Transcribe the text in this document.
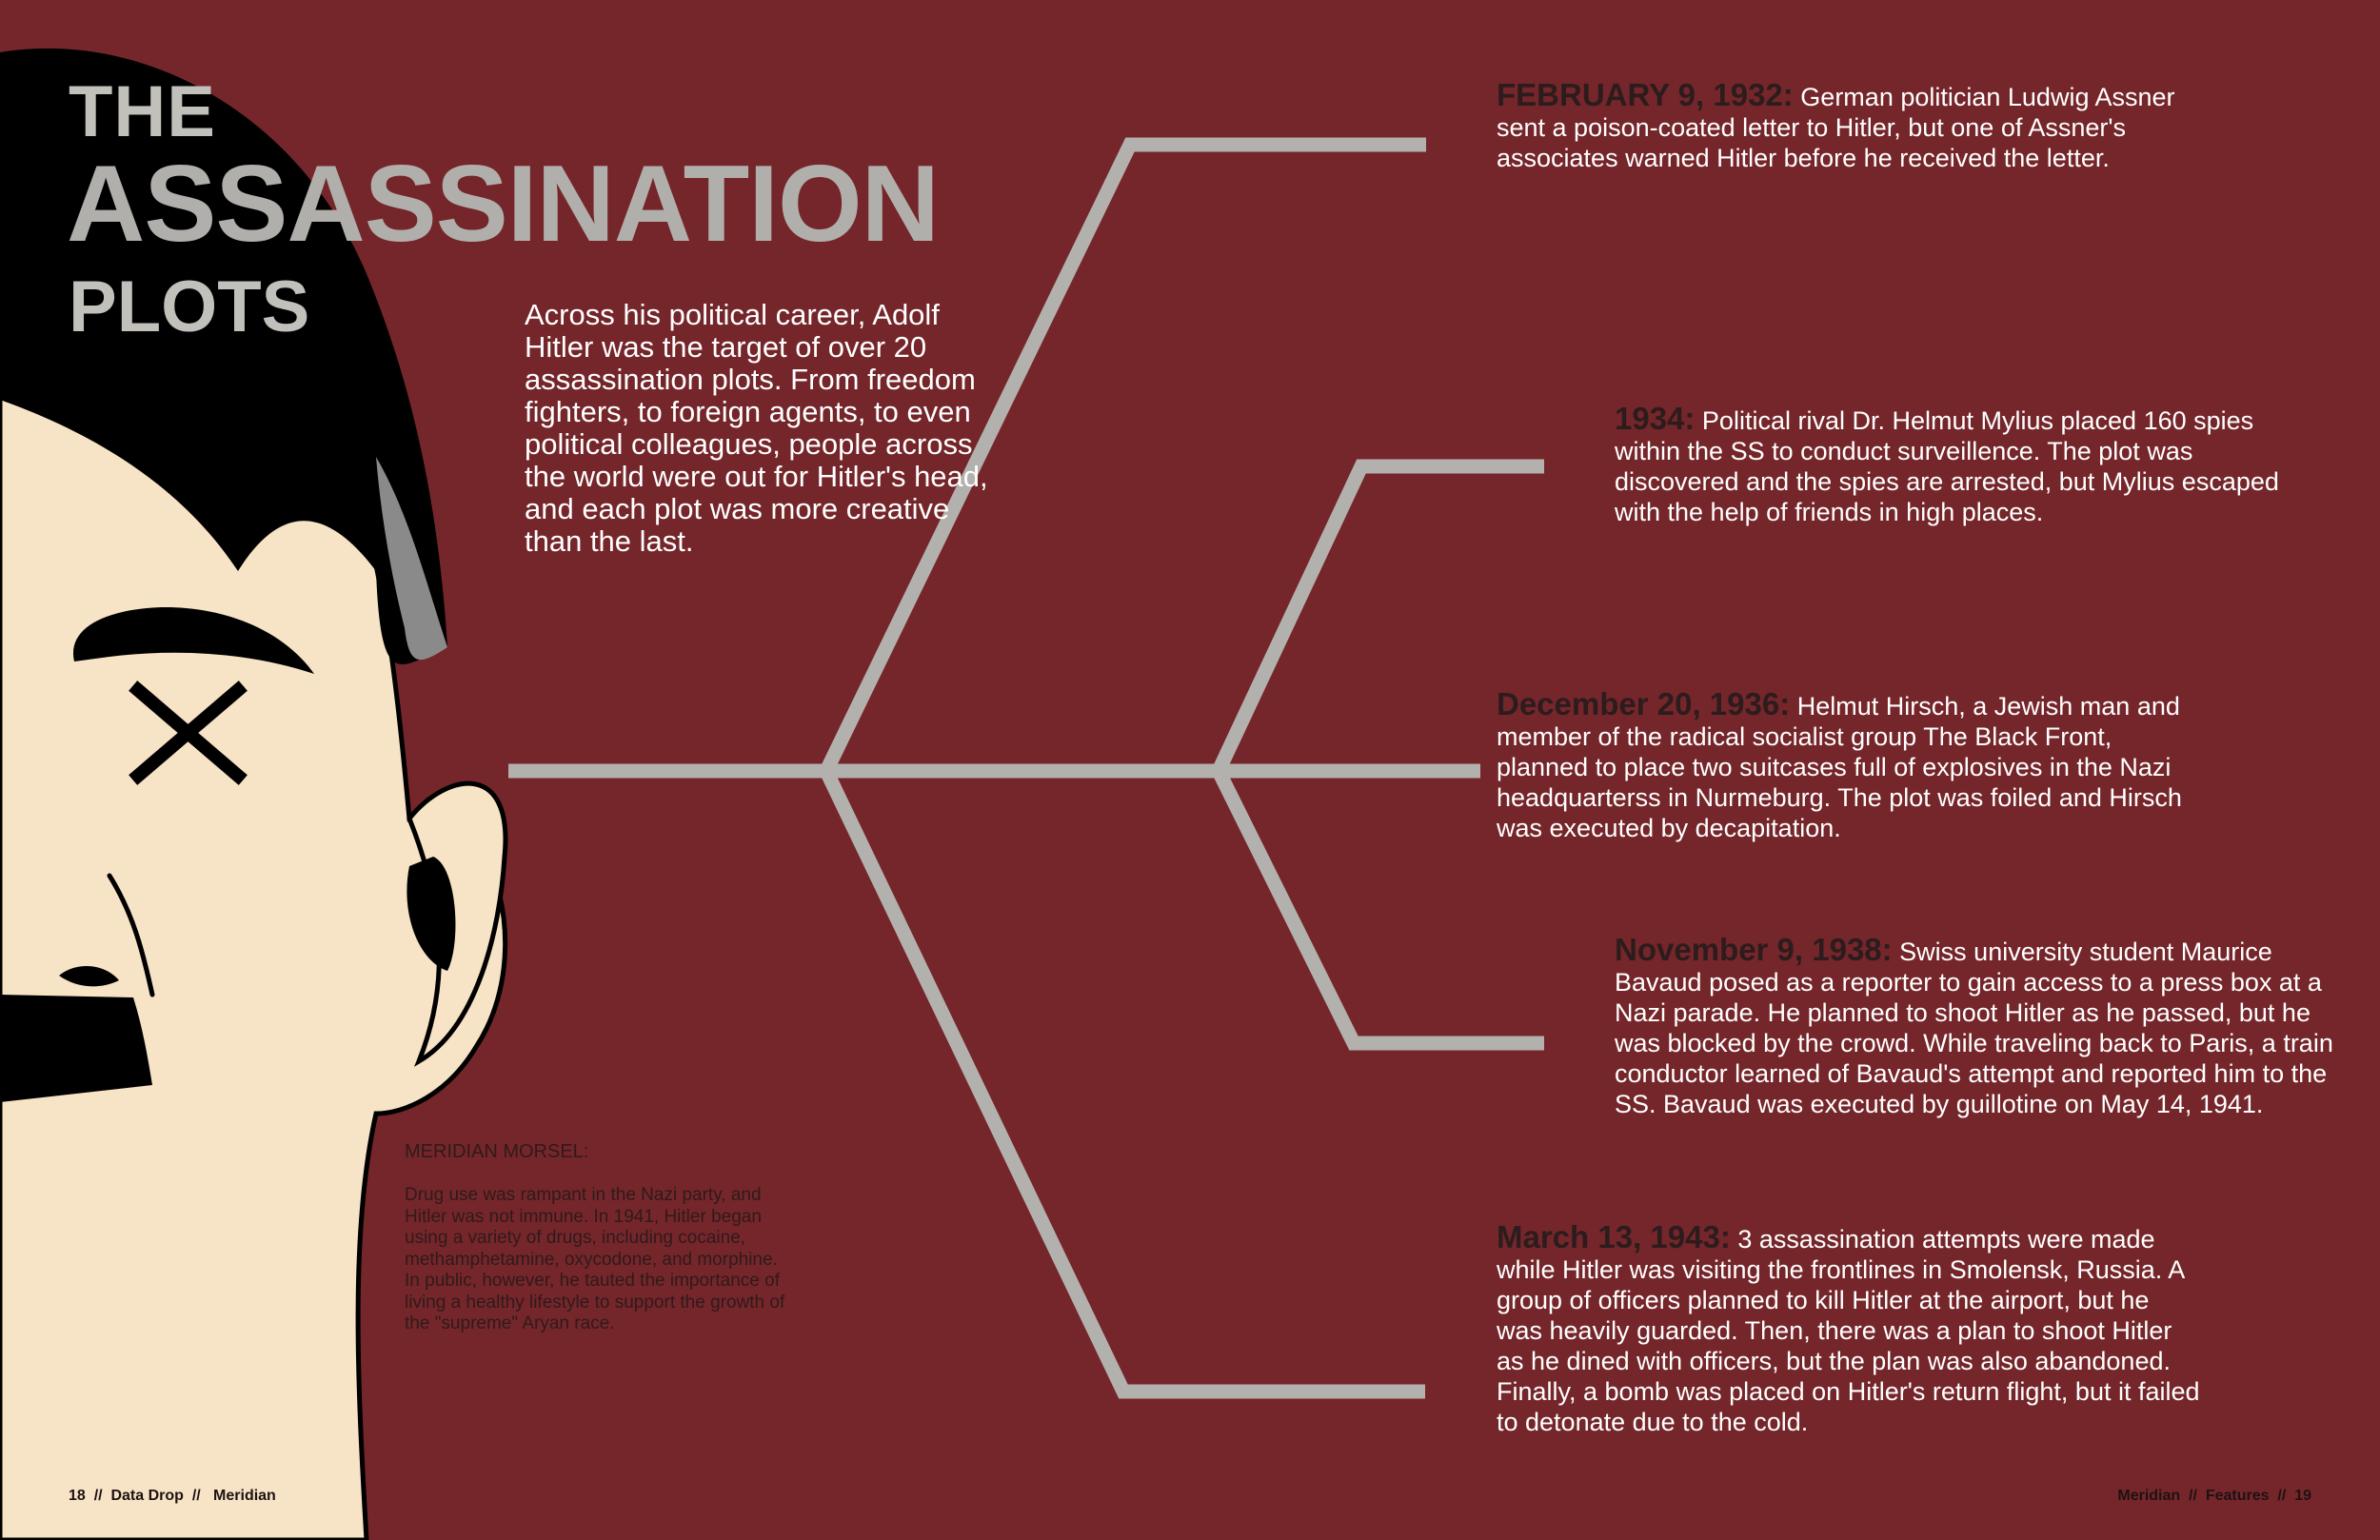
THE
ASSASSINATION
PLOTS	Across his political career, Adolf Hitler was the target of over 20 assassination plots. From freedom fighters, to foreign agents, to even political colleagues, people across the world were out for Hitler's head, and each plot was more creative than the last.
MERIDIAN MORSEL:
Drug use was rampant in the Nazi party, and Hitler was not immune. In 1941, Hitler began using a variety of drugs, including cocaine, methamphetamine, oxycodone, and morphine. In public, however, he tauted the importance of living a healthy lifestyle to support the growth of the "supreme" Aryan race.
FEBRUARY 9, 1932: German politician Ludwig Assner sent a poison-coated letter to Hitler, but one of Assner's associates warned Hitler before he received the letter.
1934: Political rival Dr. Helmut Mylius placed 160 spies within the SS to conduct surveillence. The plot was discovered and the spies are arrested, but Mylius escaped with the help of friends in high places.
December 20, 1936: Helmut Hirsch, a Jewish man and member of the radical socialist group The Black Front, planned to place two suitcases full of explosives in the Nazi headquarterss in Nurmeburg. The plot was foiled and Hirsch was executed by decapitation.
November 9, 1938: Swiss university student Maurice Bavaud posed as a reporter to gain access to a press box at a Nazi parade. He planned to shoot Hitler as he passed, but he was blocked by the crowd. While traveling back to Paris, a train conductor learned of Bavaud's attempt and reported him to the SS. Bavaud was executed by guillotine on May 14, 1941.
March 13, 1943: 3 assassination attempts were made while Hitler was visiting the frontlines in Smolensk, Russia. A group of officers planned to kill Hitler at the airport, but he was heavily guarded. Then, there was a plan to shoot Hitler as he dined with officers, but the plan was also abandoned. Finally, a bomb was placed on Hitler's return flight, but it failed to detonate due to the cold.
18  //  Data Drop  //   Meridian	Meridian  //  Features  //  19
